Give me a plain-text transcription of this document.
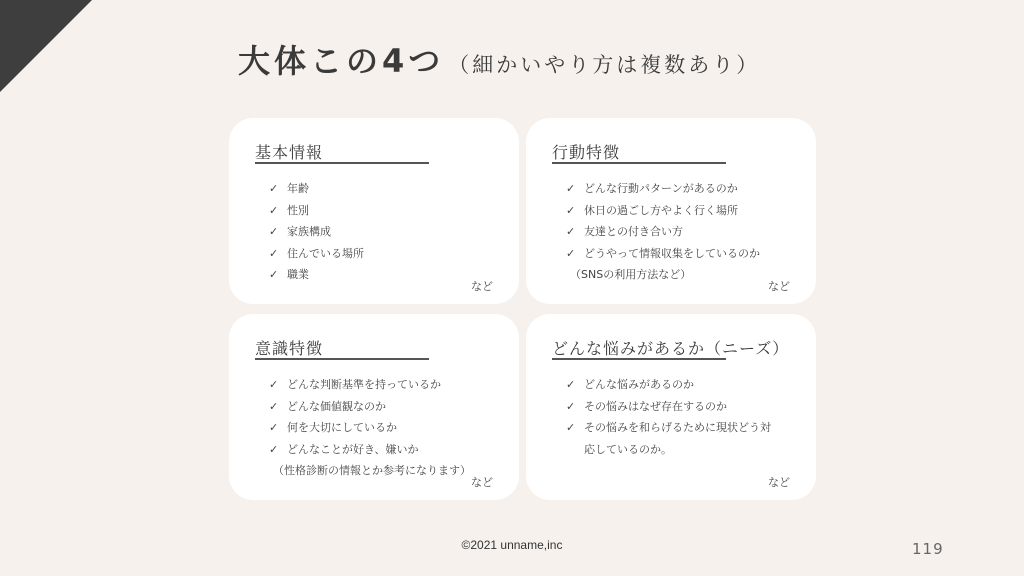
大体この4つ （細かいやり方は複数あり）
基本情報
✓ 年齢
✓ 性別
✓ 家族構成
✓ 住んでいる場所
✓ 職業
など
行動特徴
✓ どんな行動パターンがあるのか
✓ 休日の過ごし方やよく行く場所
✓ 友達との付き合い方
✓ どうやって情報収集をしているのか
（SNSの利用方法など）
など
意識特徴
✓ どんな判断基準を持っているか
✓ どんな価値観なのか
✓ 何を大切にしているか
✓ どんなことが好き、嫌いか
（性格診断の情報とか参考になります）
など
どんな悩みがあるか（ニーズ）
✓ どんな悩みがあるのか
✓ その悩みはなぜ存在するのか
✓ その悩みを和らげるために現状どう対
応しているのか。
など
©2021 unname,inc	119
